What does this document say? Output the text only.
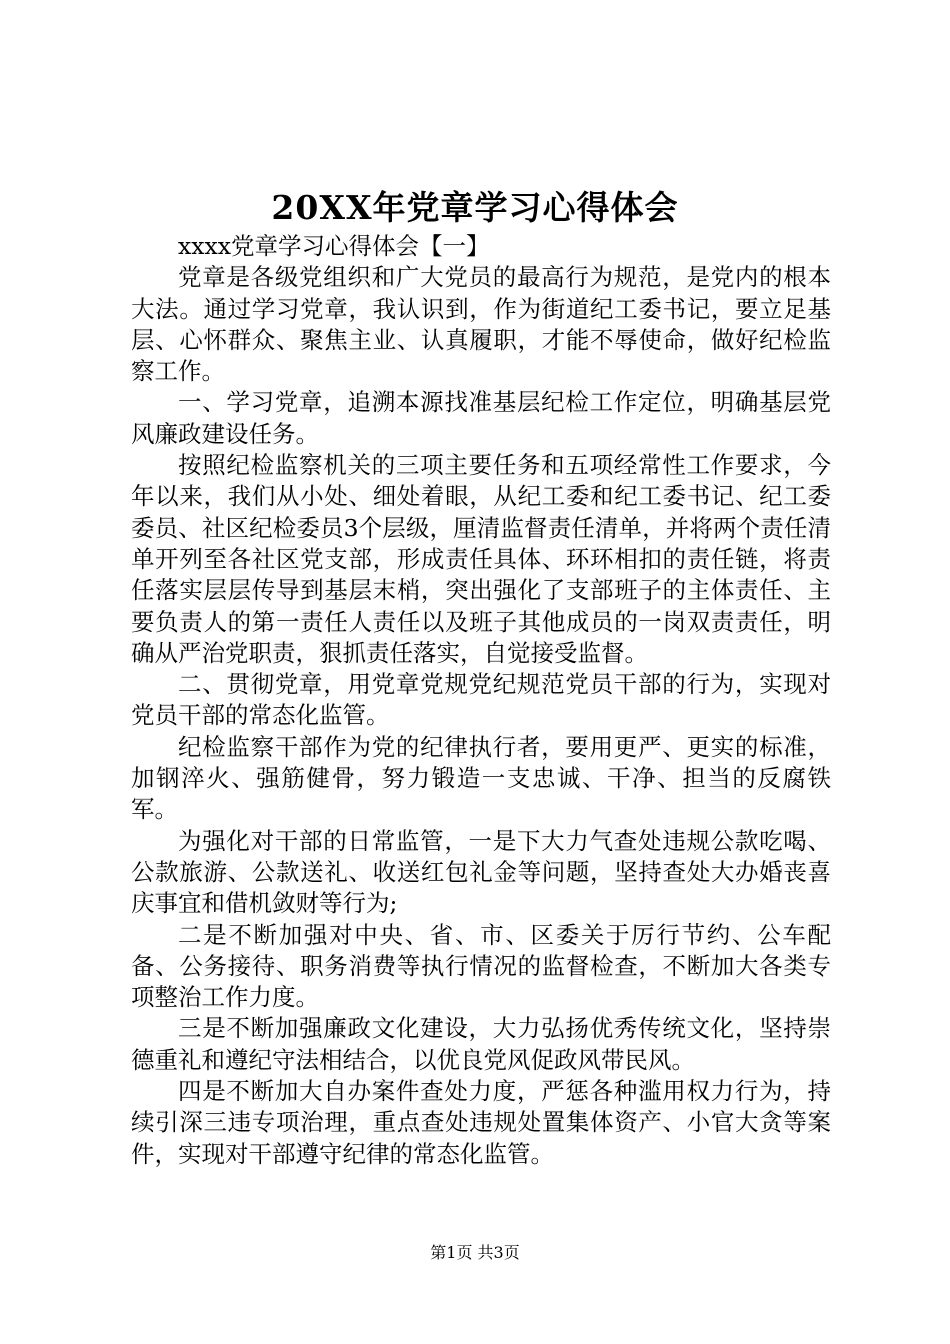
20XX年党章学习心得体会

xxxx党章学习心得体会【一】

党章是各级党组织和广大党员的最高行为规范，是党内的根本大法。通过学习党章，我认识到，作为街道纪工委书记，要立足基层、心怀群众、聚焦主业、认真履职，才能不辱使命，做好纪检监察工作。

一、学习党章，追溯本源找准基层纪检工作定位，明确基层党风廉政建设任务。

按照纪检监察机关的三项主要任务和五项经常性工作要求，今年以来，我们从小处、细处着眼，从纪工委和纪工委书记、纪工委委员、社区纪检委员3个层级，厘清监督责任清单，并将两个责任清单开列至各社区党支部，形成责任具体、环环相扣的责任链，将责任落实层层传导到基层末梢，突出强化了支部班子的主体责任、主要负责人的第一责任人责任以及班子其他成员的一岗双责责任，明确从严治党职责，狠抓责任落实，自觉接受监督。

二、贯彻党章，用党章党规党纪规范党员干部的行为，实现对党员干部的常态化监管。

纪检监察干部作为党的纪律执行者，要用更严、更实的标准，加钢淬火、强筋健骨，努力锻造一支忠诚、干净、担当的反腐铁军。

为强化对干部的日常监管，一是下大力气查处违规公款吃喝、公款旅游、公款送礼、收送红包礼金等问题，坚持查处大办婚丧喜庆事宜和借机敛财等行为;

二是不断加强对中央、省、市、区委关于厉行节约、公车配备、公务接待、职务消费等执行情况的监督检查，不断加大各类专项整治工作力度。

三是不断加强廉政文化建设，大力弘扬优秀传统文化，坚持崇德重礼和遵纪守法相结合，以优良党风促政风带民风。

四是不断加大自办案件查处力度，严惩各种滥用权力行为，持续引深三违专项治理，重点查处违规处置集体资产、小官大贪等案件，实现对干部遵守纪律的常态化监管。

第1页 共3页
